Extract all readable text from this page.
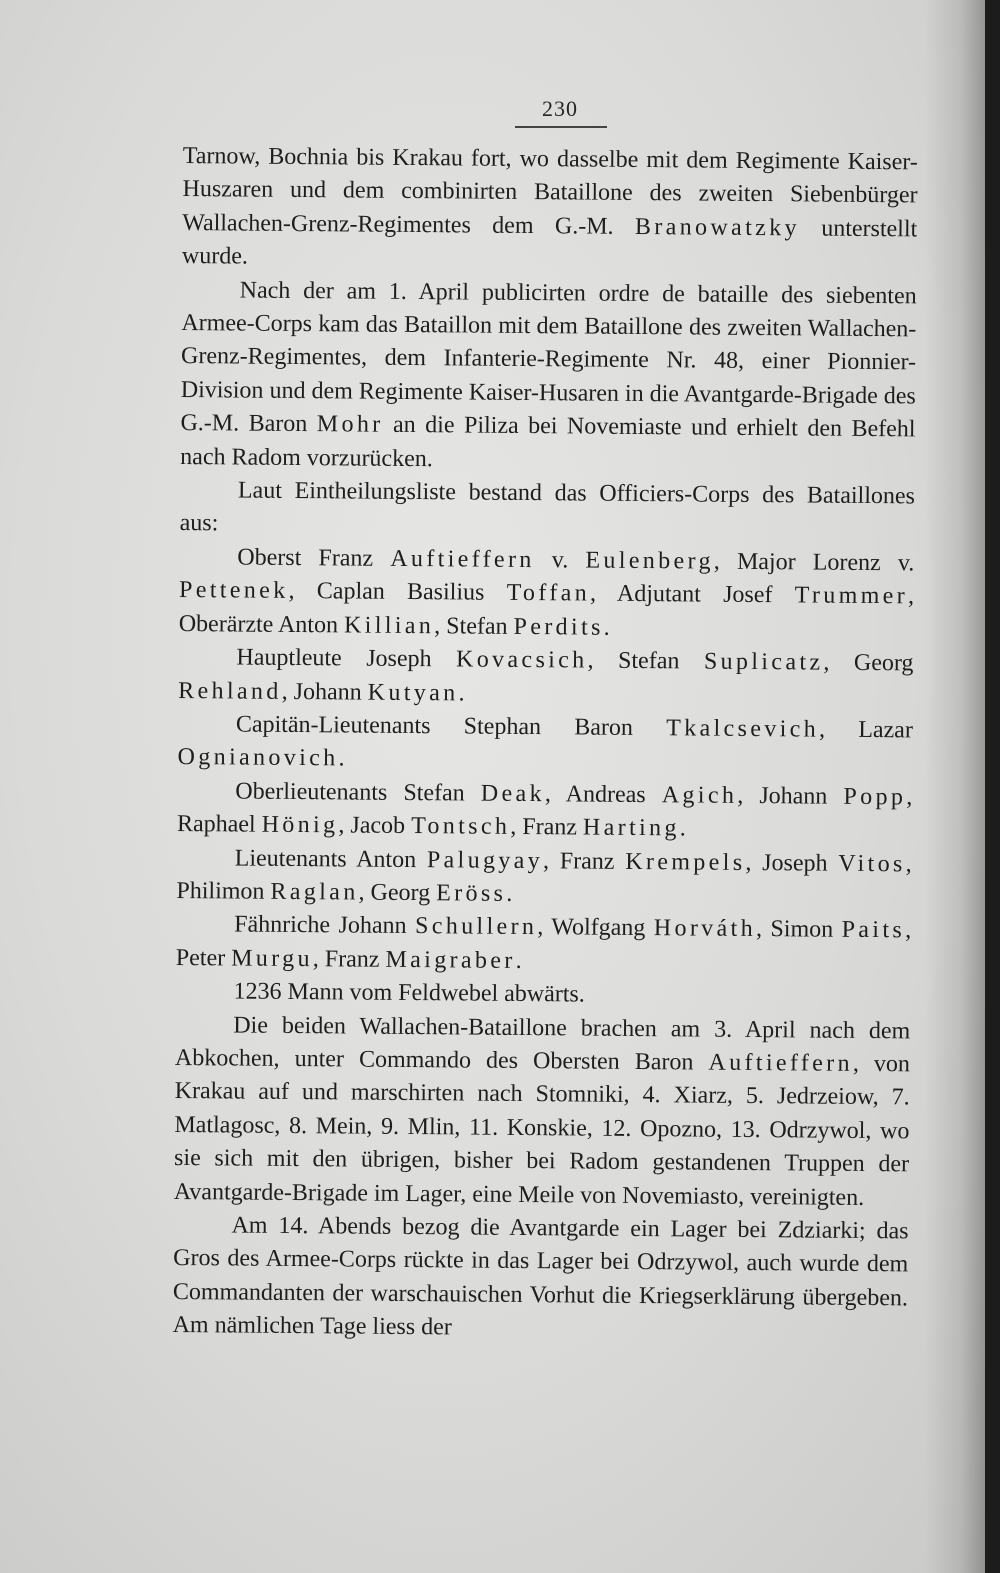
230

Tarnow, Bochnia bis Krakau fort, wo dasselbe mit dem Regimente Kaiser-Huszaren und dem combinirten Bataillone des zweiten Siebenbürger Wallachen-Grenz-Regimentes dem G.-M. Branowatzky unterstellt wurde.

Nach der am 1. April publicirten ordre de bataille des siebenten Armee-Corps kam das Bataillon mit dem Bataillone des zweiten Wallachen-Grenz-Regimentes, dem Infanterie-Regimente Nr. 48, einer Pionnier-Division und dem Regimente Kaiser-Husaren in die Avantgarde-Brigade des G.-M. Baron Mohr an die Piliza bei Novemiaste und erhielt den Befehl nach Radom vorzurücken.

Laut Eintheilungsliste bestand das Officiers-Corps des Bataillones aus:

Oberst Franz Auftieffern v. Eulenberg, Major Lorenz v. Pettenek, Caplan Basilius Toffan, Adjutant Josef Trummer, Oberärzte Anton Killian, Stefan Perdits.

Hauptleute Joseph Kovacsich, Stefan Suplicatz, Georg Rehland, Johann Kutyan.

Capitän-Lieutenants Stephan Baron Tkalcsevich, Lazar Ognianovich.

Oberlieutenants Stefan Deak, Andreas Agich, Johann Popp, Raphael Hönig, Jacob Tontsch, Franz Harting.

Lieutenants Anton Palugyay, Franz Krempels, Joseph Vitos, Philimon Raglan, Georg Eröss.

Fähnriche Johann Schullern, Wolfgang Horváth, Simon Paits, Peter Murgu, Franz Maigraber.

1236 Mann vom Feldwebel abwärts.

Die beiden Wallachen-Bataillone brachen am 3. April nach dem Abkochen, unter Commando des Obersten Baron Auftieffern, von Krakau auf und marschirten nach Stomniki, 4. Xiarz, 5. Jedrzeiow, 7. Matlagosc, 8. Mein, 9. Mlin, 11. Konskie, 12. Opozno, 13. Odrzywol, wo sie sich mit den übrigen, bisher bei Radom gestandenen Truppen der Avantgarde-Brigade im Lager, eine Meile von Novemiasto, vereinigten.

Am 14. Abends bezog die Avantgarde ein Lager bei Zdziarki; das Gros des Armee-Corps rückte in das Lager bei Odrzywol, auch wurde dem Commandanten der warschauischen Vorhut die Kriegserklärung übergeben. Am nämlichen Tage liess der
